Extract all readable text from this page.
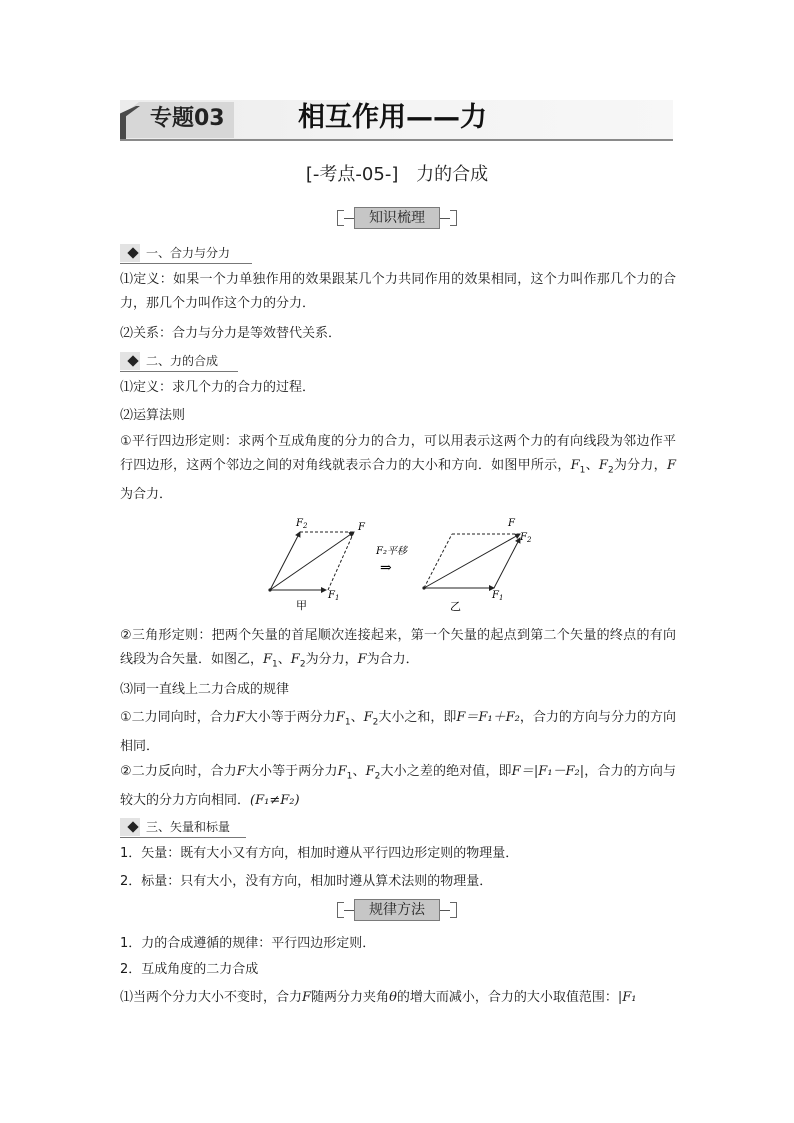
专题03	相互作用——力
[-考点-05-] 力的合成
知识梳理
一、合力与分力
⑴定义：如果一个力单独作用的效果跟某几个力共同作用的效果相同，这个力叫作那几个力的合力，那几个力叫作这个力的分力．
⑵关系：合力与分力是等效替代关系．
二、力的合成
⑴定义：求几个力的合力的过程．
⑵运算法则
①平行四边形定则：求两个互成角度的分力的合力，可以用表示这两个力的有向线段为邻边作平行四边形，这两个邻边之间的对角线就表示合力的大小和方向．如图甲所示，$F_1$、$F_2$为分力，F为合力．
$F_2$	F
$F_1$
甲
F₂平移
⇒
F
$F_2$
$F_1$
乙
②三角形定则：把两个矢量的首尾顺次连接起来，第一个矢量的起点到第二个矢量的终点的有向线段为合矢量．如图乙，$F_1$、$F_2$为分力，F为合力．
⑶同一直线上二力合成的规律
①二力同向时，合力F大小等于两分力$F_1$、$F_2$大小之和，即F＝F₁＋F₂，合力的方向与分力的方向相同．
②二力反向时，合力F大小等于两分力$F_1$、$F_2$大小之差的绝对值，即F＝|F₁－F₂|，合力的方向与较大的分力方向相同．(F₁≠F₂)
三、矢量和标量
1．矢量：既有大小又有方向，相加时遵从平行四边形定则的物理量．
2．标量：只有大小，没有方向，相加时遵从算术法则的物理量．
规律方法
1．力的合成遵循的规律：平行四边形定则．
2．互成角度的二力合成
⑴当两个分力大小不变时，合力F随两分力夹角θ的增大而减小，合力的大小取值范围：|F₁
